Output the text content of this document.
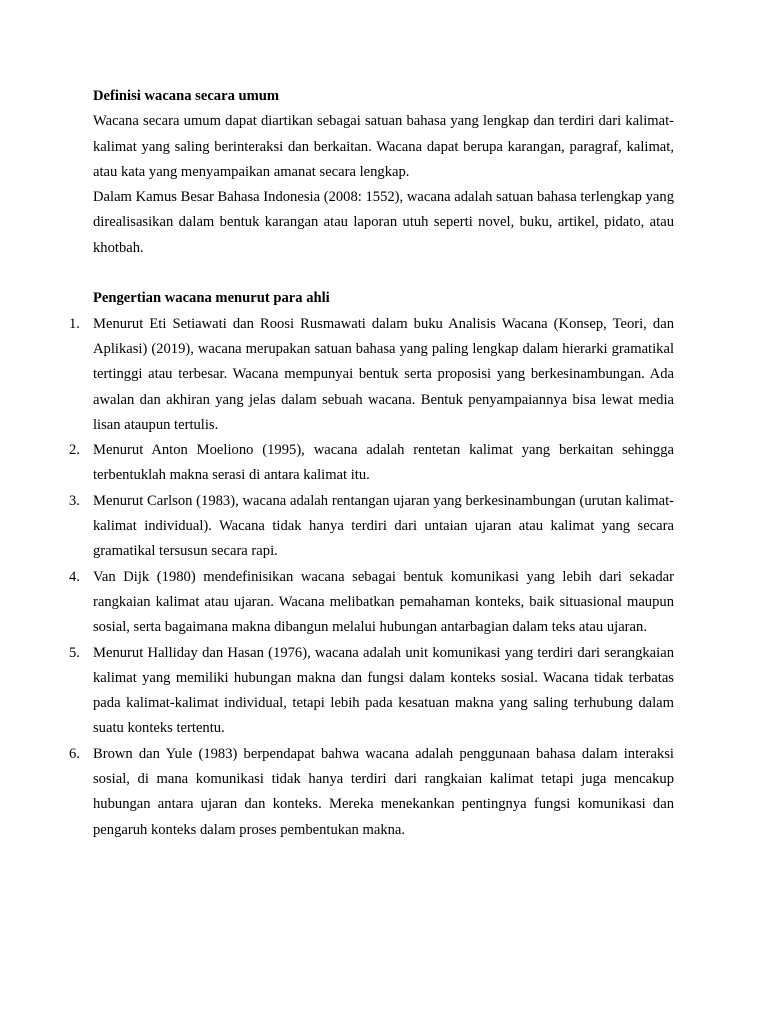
Definisi wacana secara umum

Wacana secara umum dapat diartikan sebagai satuan bahasa yang lengkap dan terdiri dari kalimat-kalimat yang saling berinteraksi dan berkaitan. Wacana dapat berupa karangan, paragraf, kalimat, atau kata yang menyampaikan amanat secara lengkap.

Dalam Kamus Besar Bahasa Indonesia (2008: 1552), wacana adalah satuan bahasa terlengkap yang direalisasikan dalam bentuk karangan atau laporan utuh seperti novel, buku, artikel, pidato, atau khotbah.

Pengertian wacana menurut para ahli

1. Menurut Eti Setiawati dan Roosi Rusmawati dalam buku Analisis Wacana (Konsep, Teori, dan Aplikasi) (2019), wacana merupakan satuan bahasa yang paling lengkap dalam hierarki gramatikal tertinggi atau terbesar. Wacana mempunyai bentuk serta proposisi yang berkesinambungan. Ada awalan dan akhiran yang jelas dalam sebuah wacana. Bentuk penyampaiannya bisa lewat media lisan ataupun tertulis.
2. Menurut Anton Moeliono (1995), wacana adalah rentetan kalimat yang berkaitan sehingga terbentuklah makna serasi di antara kalimat itu.
3. Menurut Carlson (1983), wacana adalah rentangan ujaran yang berkesinambungan (urutan kalimat-kalimat individual). Wacana tidak hanya terdiri dari untaian ujaran atau kalimat yang secara gramatikal tersusun secara rapi.
4. Van Dijk (1980) mendefinisikan wacana sebagai bentuk komunikasi yang lebih dari sekadar rangkaian kalimat atau ujaran. Wacana melibatkan pemahaman konteks, baik situasional maupun sosial, serta bagaimana makna dibangun melalui hubungan antarbagian dalam teks atau ujaran.
5. Menurut Halliday dan Hasan (1976), wacana adalah unit komunikasi yang terdiri dari serangkaian kalimat yang memiliki hubungan makna dan fungsi dalam konteks sosial. Wacana tidak terbatas pada kalimat-kalimat individual, tetapi lebih pada kesatuan makna yang saling terhubung dalam suatu konteks tertentu.
6. Brown dan Yule (1983) berpendapat bahwa wacana adalah penggunaan bahasa dalam interaksi sosial, di mana komunikasi tidak hanya terdiri dari rangkaian kalimat tetapi juga mencakup hubungan antara ujaran dan konteks. Mereka menekankan pentingnya fungsi komunikasi dan pengaruh konteks dalam proses pembentukan makna.
